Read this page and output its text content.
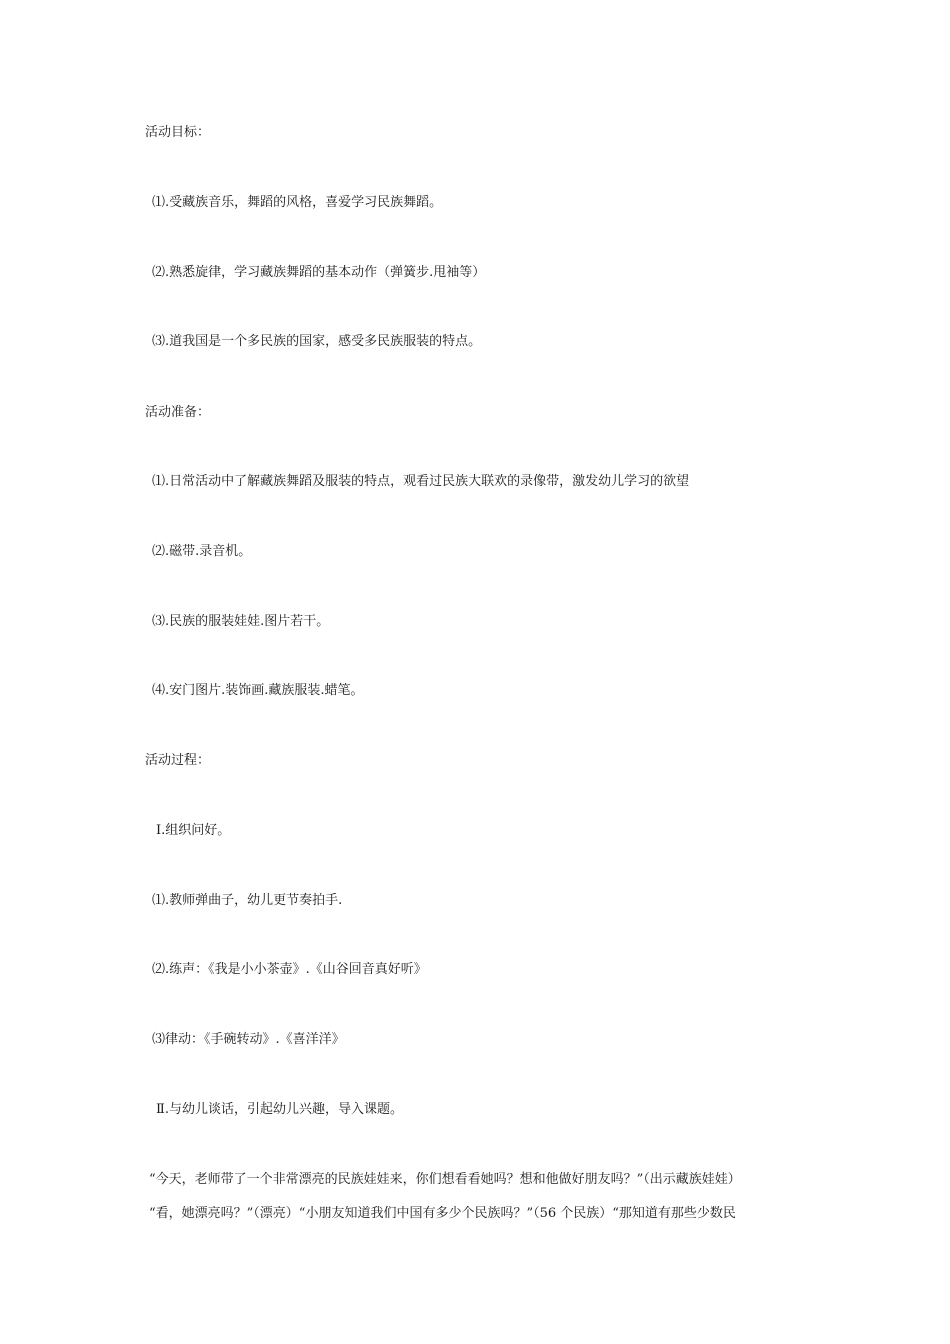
活动目标：
⑴.受藏族音乐，舞蹈的风格，喜爱学习民族舞蹈。
⑵.熟悉旋律，学习藏族舞蹈的基本动作（弹簧步.甩袖等）
⑶.道我国是一个多民族的国家，感受多民族服装的特点。
活动准备：
⑴.日常活动中了解藏族舞蹈及服装的特点，观看过民族大联欢的录像带，激发幼儿学习的欲望
⑵.磁带.录音机。
⑶.民族的服装娃娃.图片若干。
⑷.安门图片.装饰画.藏族服装.蜡笔。
活动过程：
Ⅰ.组织问好。
⑴.教师弹曲子，幼儿更节奏拍手.
⑵.练声：《我是小小茶壶》.《山谷回音真好听》
⑶律动：《手碗转动》.《喜洋洋》
Ⅱ.与幼儿谈话，引起幼儿兴趣，导入课题。
“今天，老师带了一个非常漂亮的民族娃娃来，你们想看看她吗？想和他做好朋友吗？”（出示藏族娃娃）
“看，她漂亮吗？”（漂亮）“小朋友知道我们中国有多少个民族吗？”（56 个民族）“那知道有那些少数民
